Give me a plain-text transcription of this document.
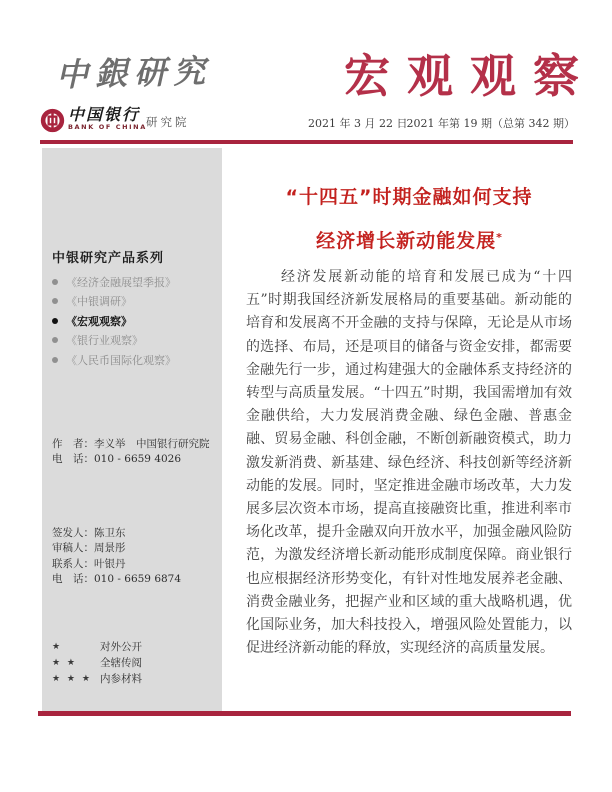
中銀研究	宏观观察
中国银行
BANK OF CHINA 研究院	2021 年 3 月 22 日 2021 年第 19 期（总第 342 期）
中银研究产品系列
《经济金融展望季报》
《中银调研》
《宏观观察》
《银行业观察》
《人民币国际化观察》
作　者：李义举　中国银行研究院
电　话：010 - 6659 4026
签发人：陈卫东
审稿人：周景彤
联系人：叶银丹
电　话：010 - 6659 6874
★	对外公开
★ ★	全辖传阅
★ ★ ★ 内参材料
“十四五”时期金融如何支持
经济增长新动能发展*

经济发展新动能的培育和发展已成为“十四五”时期我国经济新发展格局的重要基础。新动能的培育和发展离不开金融的支持与保障，无论是从市场的选择、布局，还是项目的储备与资金安排，都需要金融先行一步，通过构建强大的金融体系支持经济的转型与高质量发展。“十四五”时期，我国需增加有效金融供给，大力发展消费金融、绿色金融、普惠金融、贸易金融、科创金融，不断创新融资模式，助力激发新消费、新基建、绿色经济、科技创新等经济新动能的发展。同时，坚定推进金融市场改革，大力发展多层次资本市场，提高直接融资比重，推进利率市场化改革，提升金融双向开放水平，加强金融风险防范，为激发经济增长新动能形成制度保障。商业银行也应根据经济形势变化，有针对性地发展养老金融、消费金融业务，把握产业和区域的重大战略机遇，优化国际业务，加大科技投入，增强风险处置能力，以促进经济新动能的释放，实现经济的高质量发展。
